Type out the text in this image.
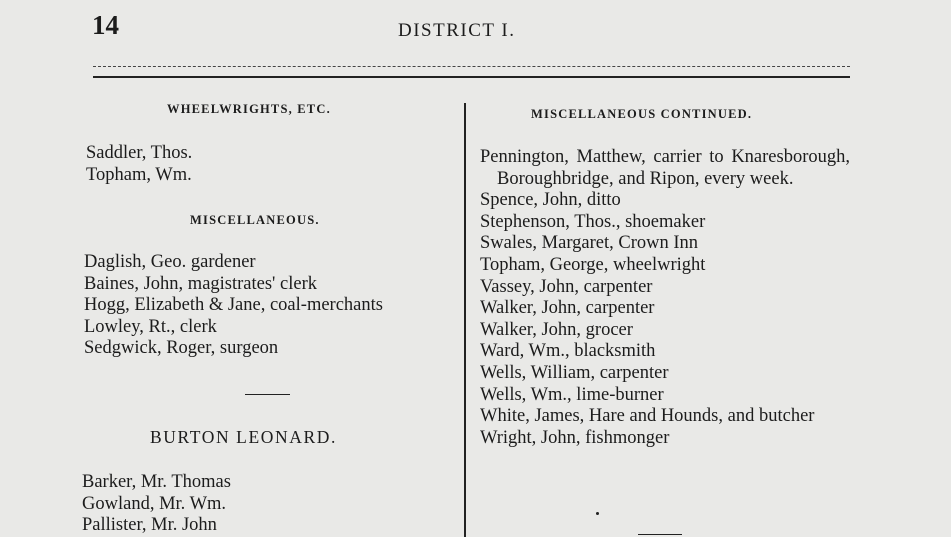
14	DISTRICT I.
WHEELWRIGHTS, ETC.
Saddler, Thos.
Topham, Wm.
MISCELLANEOUS.
Daglish, Geo. gardener
Baines, John, magistrates' clerk
Hogg, Elizabeth & Jane, coal-merchants
Lowley, Rt., clerk
Sedgwick, Roger, surgeon
BURTON LEONARD.
Barker, Mr. Thomas
Gowland, Mr. Wm.
Pallister, Mr. John
MISCELLANEOUS CONTINUED.
Pennington, Matthew, carrier to Knaresborough, Boroughbridge, and Ripon, every week.
Spence, John, ditto
Stephenson, Thos., shoemaker
Swales, Margaret, Crown Inn
Topham, George, wheelwright
Vassey, John, carpenter
Walker, John, carpenter
Walker, John, grocer
Ward, Wm., blacksmith
Wells, William, carpenter
Wells, Wm., lime-burner
White, James, Hare and Hounds, and butcher
Wright, John, fishmonger
